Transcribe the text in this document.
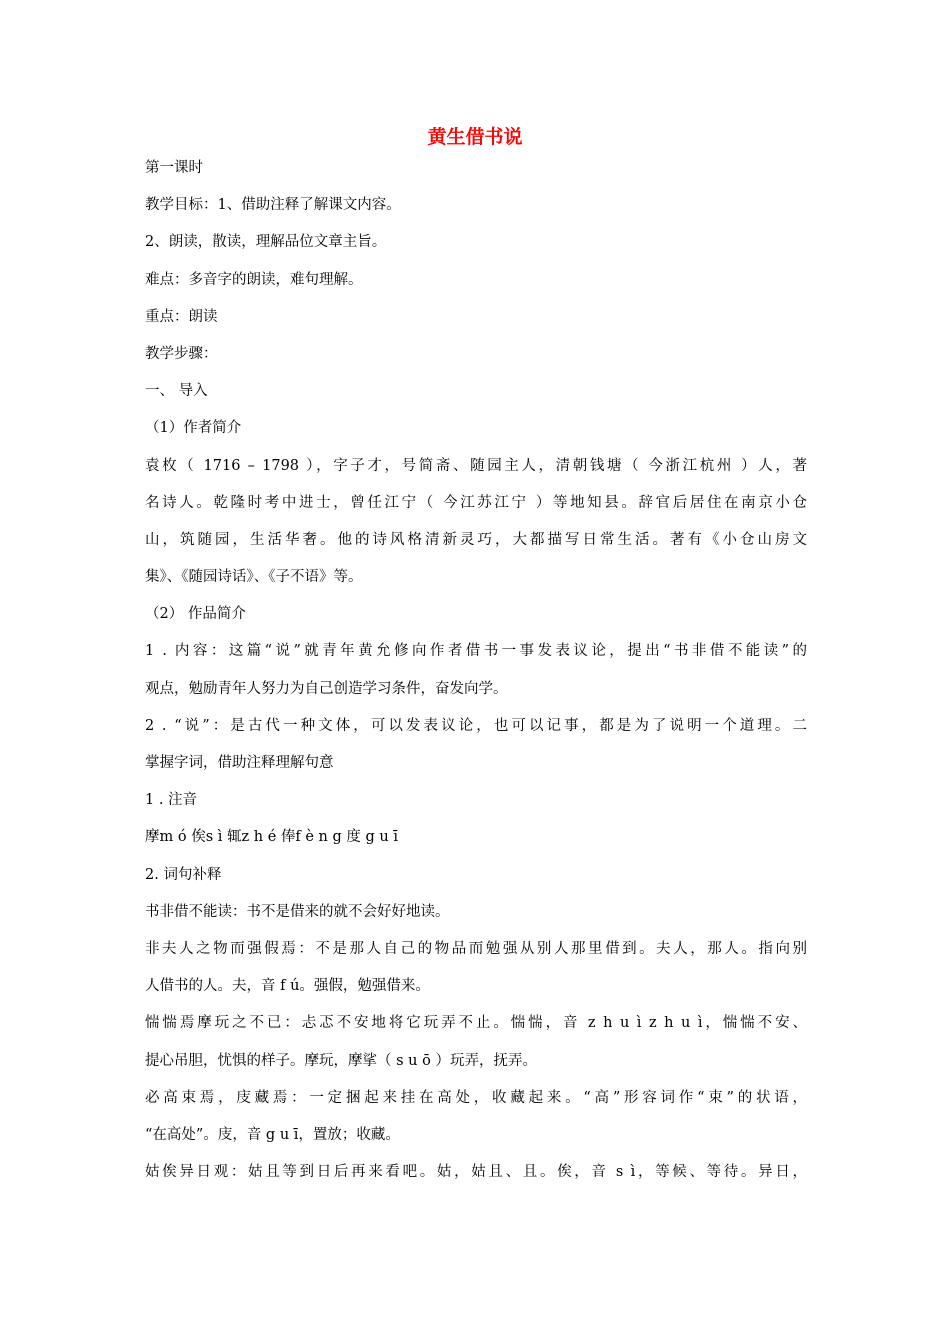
黄生借书说
第一课时
教学目标：1、借助注释了解课文内容。
2、朗读，散读，理解品位文章主旨。
难点：多音字的朗读，难句理解。
重点：朗读
教学步骤：
一、 导入
（1）作者简介
袁枚（ 1716 – 1798 ），字子才，号简斋、随园主人，清朝钱塘（ 今浙江杭州 ）人，著
名诗人。乾隆时考中进士，曾任江宁（ 今江苏江宁 ）等地知县。辞官后居住在南京小仓
山，筑随园，生活华奢。他的诗风格清新灵巧，大都描写日常生活。著有《小仓山房文
集》、《随园诗话》、《子不语》等。
（2） 作品简介
1 . 内容：这篇“说”就青年黄允修向作者借书一事发表议论，提出“书非借不能读”的
观点，勉励青年人努力为自己创造学习条件，奋发向学。
2 . “说”：是古代一种文体，可以发表议论，也可以记事，都是为了说明一个道理。二
掌握字词，借助注释理解句意
1 . 注音
摩m ó 俟s ì 辄z h é 俸f è n g 度 g u ī
2. 词句补释
书非借不能读：书不是借来的就不会好好地读。
非夫人之物而强假焉：不是那人自己的物品而勉强从别人那里借到。夫人，那人。指向别
人借书的人。夫，音 f ú。强假，勉强借来。
惴惴焉摩玩之不已：忐忑不安地将它玩弄不止。惴惴，音 z h u ì z h u ì，惴惴不安、
提心吊胆，忧惧的样子。摩玩，摩挲（ s u ō ）玩弄，抚弄。
必高束焉，庋藏焉：一定捆起来挂在高处，收藏起来。“高”形容词作“束”的状语，
“在高处”。庋，音 g u ī，置放；收藏。
姑俟异日观：姑且等到日后再来看吧。姑，姑且、且。俟，音 s ì，等候、等待。异日，
